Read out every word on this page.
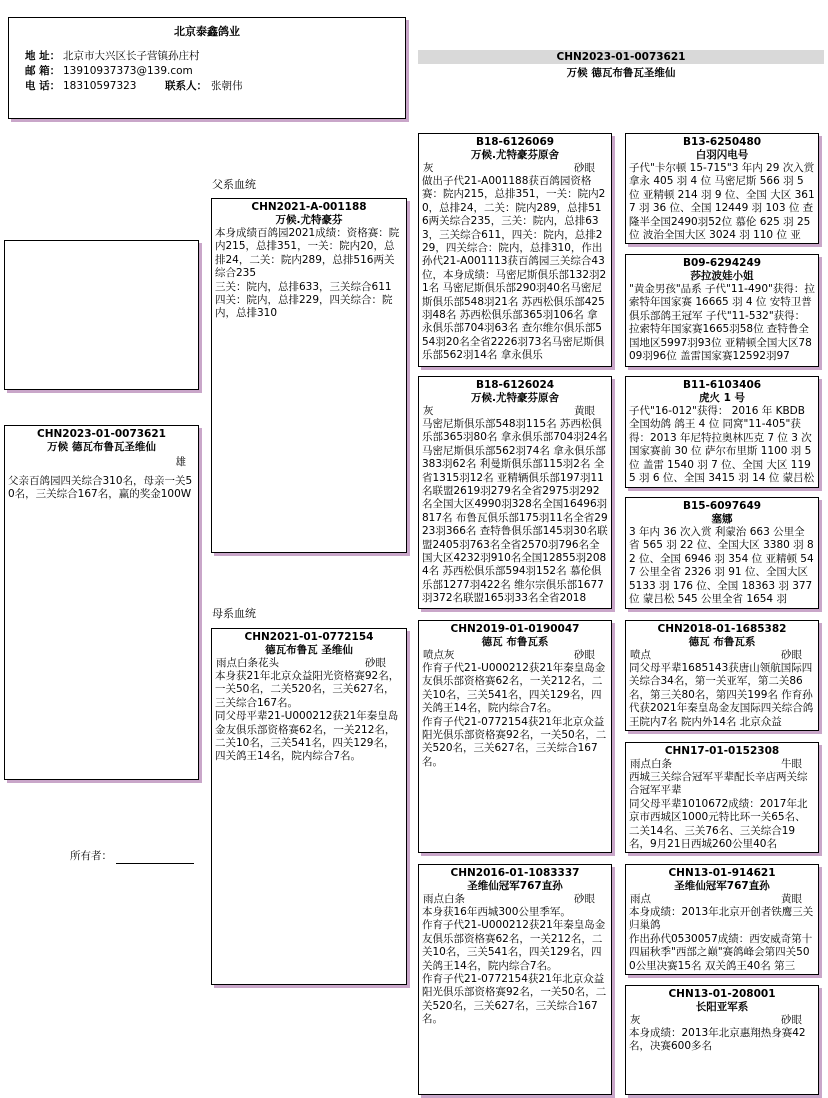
北京泰鑫鸽业
地 址： 北京市大兴区长子营镇孙庄村
邮 箱： 13910937373@139.com
电 话： 18310597323	联系人： 张朝伟
CHN2023-01-0073621
万候 德瓦布鲁瓦圣维仙
父系血统
母系血统
所有者：
CHN2023-01-0073621
万候 德瓦布鲁瓦圣维仙
雄
父亲百鸽园四关综合310名，母亲一关50名，三关综合167名，赢的奖金100W
CHN2021-A-001188
万候.尤特豪芬
本身成绩百鸽园2021成绩：资格赛：院内215，总排351，一关：院内20，总排24，二关：院内289，总排516两关综合235
三关：院内，总排633，三关综合611
四关：院内，总排229，四关综合：院内，总排310
CHN2021-01-0772154
德瓦布鲁瓦 圣维仙
雨点白条花头	砂眼
本身获21年北京众益阳光资格赛92名，一关50名，二关520名，三关627名，三关综合167名。
同父母平辈21-U000212获21年秦皇岛金友俱乐部资格赛62名，一关212名，二关10名，三关541名，四关129名，四关鸽王14名，院内综合7名。
B18-6126069
万候.尤特豪芬原舍
灰	砂眼
做出子代21-A001188获百鸽园资格赛：院内215，总排351，一关：院内20，总排24，二关：院内289，总排516两关综合235，三关：院内，总排633，三关综合611，四关：院内，总排229，四关综合：院内，总排310，作出孙代21-A001113获百鸽园三关综合43位，本身成绩：马密尼斯俱乐部132羽21名 马密尼斯俱乐部290羽40名马密尼斯俱乐部548羽21名 苏西松俱乐部425羽48名 苏西松俱乐部365羽106名 拿永俱乐部704羽63名 查尔维尔俱乐部554羽20名全省2226羽73名马密尼斯俱乐部562羽14名 拿永俱乐
B18-6126024
万候.尤特豪芬原舍
灰	黄眼
马密尼斯俱乐部548羽115名 苏西松俱乐部365羽80名 拿永俱乐部704羽24名 马密尼斯俱乐部562羽74名 拿永俱乐部383羽62名 利曼斯俱乐部115羽2名 全省1315羽12名 亚精辆俱乐部197羽11名联盟2619羽279名全省2975羽292名全国大区4990羽328名全国16496羽817名 布鲁瓦俱乐部175羽11名全省2923羽366名 查特鲁俱乐部145羽30名联盟2405羽763名全省2570羽796名全国大区4232羽910名全国12855羽2084名 苏西松俱乐部594羽152名 慕伦俱乐部1277羽422名 维尔宗俱乐部1677羽372名联盟165羽33名全省2018
CHN2019-01-0190047
德瓦 布鲁瓦系
喷点灰	砂眼
作育子代21-U000212获21年秦皇岛金友俱乐部资格赛62名，一关212名，二关10名，三关541名，四关129名，四关鸽王14名，院内综合7名。
作育子代21-0772154获21年北京众益阳光俱乐部资格赛92名，一关50名，二关520名，三关627名，三关综合167名。
CHN2016-01-1083337
圣维仙冠军767直孙
雨点白条	砂眼
本身获16年西城300公里季军。
作育子代21-U000212获21年秦皇岛金友俱乐部资格赛62名，一关212名，二关10名，三关541名，四关129名，四关鸽王14名，院内综合7名。
作育子代21-0772154获21年北京众益阳光俱乐部资格赛92名，一关50名，二关520名，三关627名，三关综合167名。
B13-6250480
白羽闪电号
子代"卡尔顿 15-715"3 年内 29 次入赏 拿永 405 羽 4 位 马密尼斯 566 羽 5 位 亚精顿 214 羽 9 位、全国 大区 3617 羽 36 位、全国 12449 羽 103 位 查隆半全国2490羽52位 慕伦 625 羽 25 位 波治全国大区 3024 羽 110 位 亚
B09-6294249
莎拉波娃小姐
"黄金男孩"品系 子代"11-490"获得：拉索特年国家赛 16665 羽 4 位 安特卫普俱乐部鸽王冠军 子代"11-532"获得： 拉索特年国家赛1665羽58位 查特鲁全国地区5997羽93位 亚精顿全国大区7809羽96位 盖雷国家赛12592羽97
B11-6103406
虎火 1 号
子代"16-012"获得： 2016 年 KBDB 全国幼鸽 鸽王 4 位 同窝"11-405"获得：2013 年尼特拉奥林匹克 7 位 3 次国家赛前 30 位 萨尔布里斯 1100 羽 5 位 盖雷 1540 羽 7 位、全国 大区 1195 羽 6 位、全国 3415 羽 14 位 蒙吕松
B15-6097649
塞娜
3 年内 36 次入赏 利蒙治 663 公里全省 565 羽 22 位、全国大区 3380 羽 82 位、全国 6946 羽 354 位 亚精顿 547 公里全省 2326 羽 91 位、全国大区 5133 羽 176 位、全国 18363 羽 377 位 蒙吕松 545 公里全省 1654 羽
CHN2018-01-1685382
德瓦 布鲁瓦系
喷点	砂眼
同父母平辈1685143获唐山领航国际四关综合34名，第一关亚军，第二关86名，第三关80名，第四关199名 作育孙代获2021年秦皇岛金友国际四关综合鸽王院内7名 院内外14名 北京众益
CHN17-01-0152308
雨点白条	牛眼
西城三关综合冠军平辈配长辛店两关综合冠军平辈
同父母平辈1010672成绩：2017年北京市西城区1000元特比环一关65名、二关14名、三关76名、三关综合19名，9月21日西城260公里40名
CHN13-01-914621
圣维仙冠军767直孙
雨点	黄眼
本身成绩：2013年北京开创者铁鹰三关归巢鸽
作出孙代0530057成绩：西安威奇第十四届秋季"西部之巅"赛鸽峰会第四关500公里决赛15名 双关鸽王40名 第三
CHN13-01-208001
长阳亚军系
灰	砂眼
本身成绩：2013年北京惠翔热身赛42名，决赛600多名
